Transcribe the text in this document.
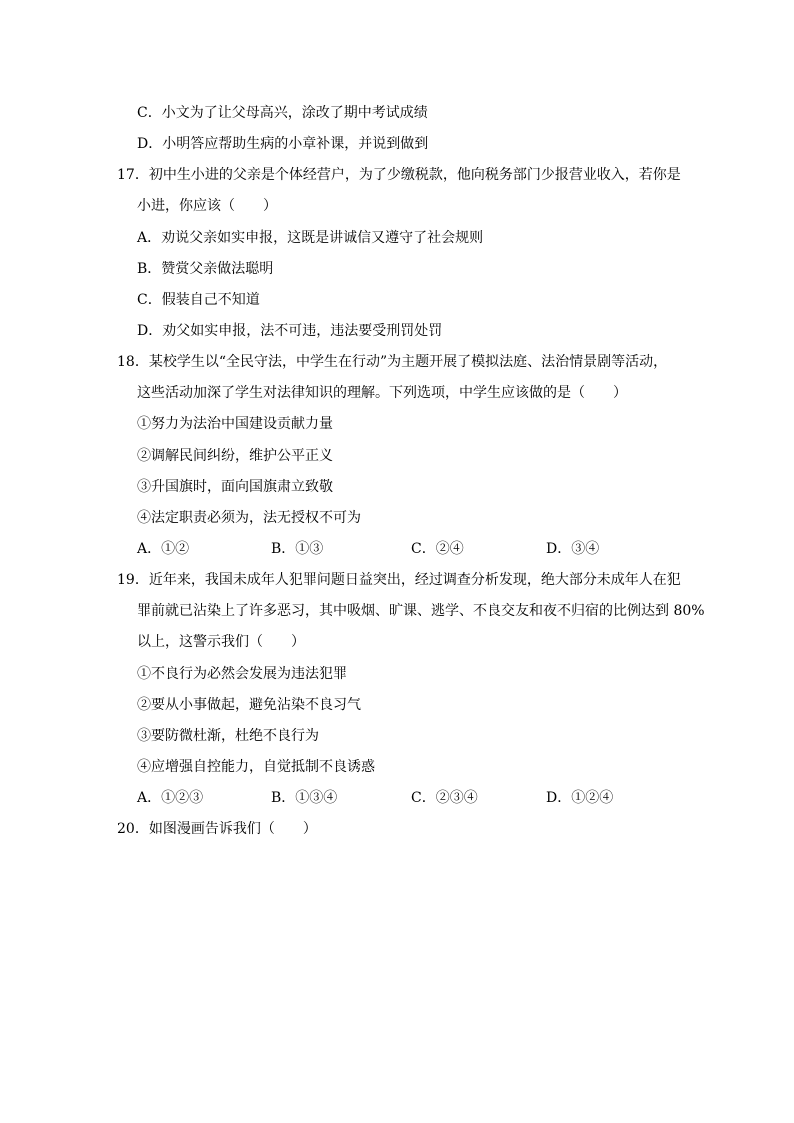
C．小文为了让父母高兴，涂改了期中考试成绩
D．小明答应帮助生病的小章补课，并说到做到
17．初中生小进的父亲是个体经营户，为了少缴税款，他向税务部门少报营业收入，若你是
小进，你应该（　　）
A．劝说父亲如实申报，这既是讲诚信又遵守了社会规则
B．赞赏父亲做法聪明
C．假装自己不知道
D．劝父如实申报，法不可违，违法要受刑罚处罚
18．某校学生以“全民守法，中学生在行动”为主题开展了模拟法庭、法治情景剧等活动，
这些活动加深了学生对法律知识的理解。下列选项，中学生应该做的是（　　）
①努力为法治中国建设贡献力量
②调解民间纠纷，维护公平正义
③升国旗时，面向国旗肃立致敬
④法定职责必须为，法无授权不可为
A．①②	B．①③	C．②④	D．③④
19．近年来，我国未成年人犯罪问题日益突出，经过调查分析发现，绝大部分未成年人在犯
罪前就已沾染上了许多恶习，其中吸烟、旷课、逃学、不良交友和夜不归宿的比例达到 80%
以上，这警示我们（　　）
①不良行为必然会发展为违法犯罪
②要从小事做起，避免沾染不良习气
③要防微杜渐，杜绝不良行为
④应增强自控能力，自觉抵制不良诱惑
A．①②③	B．①③④	C．②③④	D．①②④
20．如图漫画告诉我们（　　）
